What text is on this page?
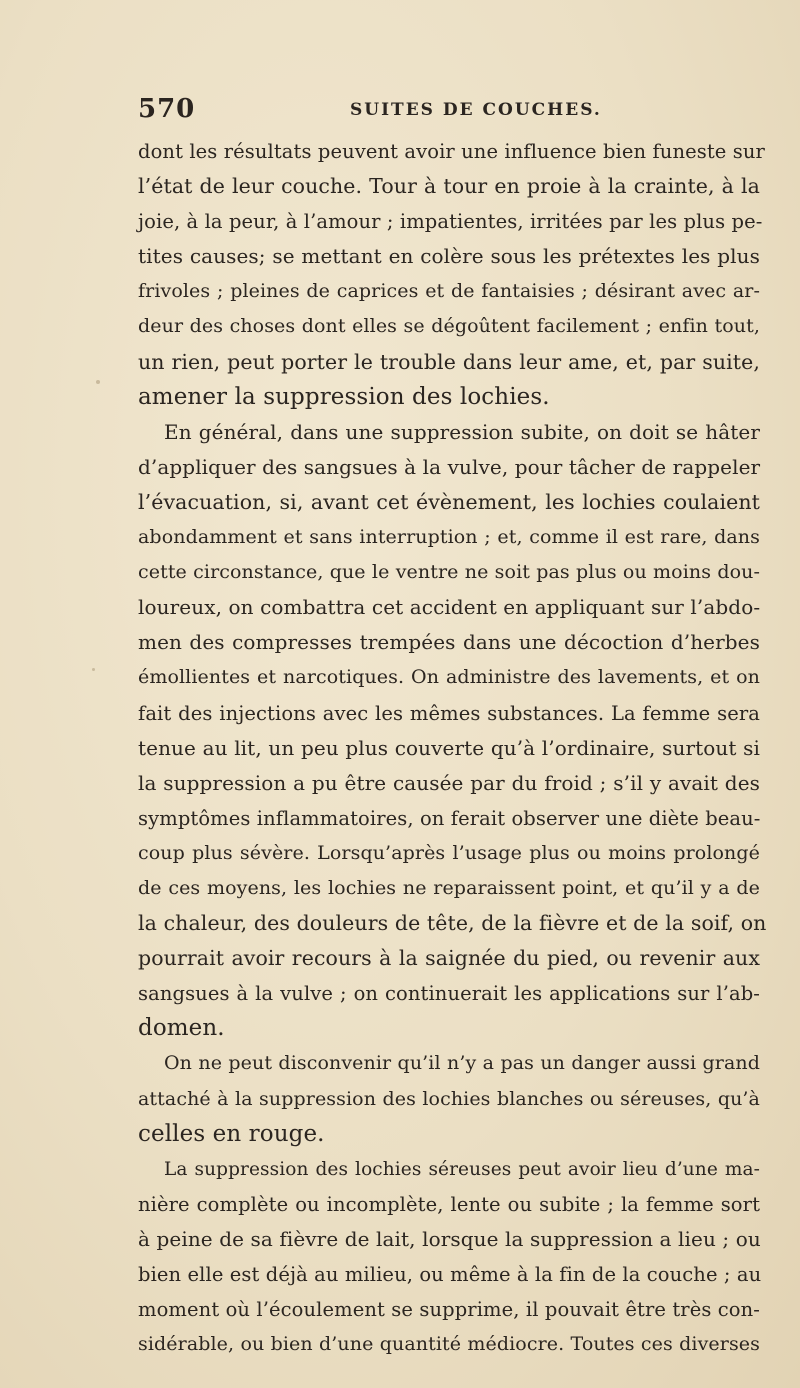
570	SUITES DE COUCHES.
dont les résultats peuvent avoir une influence bien funeste sur
l’état de leur couche. Tour à tour en proie à la crainte, à la
joie, à la peur, à l’amour ; impatientes, irritées par les plus pe-
tites causes; se mettant en colère sous les prétextes les plus
frivoles ; pleines de caprices et de fantaisies ; désirant avec ar-
deur des choses dont elles se dégoûtent facilement ; enfin tout,
un rien, peut porter le trouble dans leur ame, et, par suite,
amener la suppression des lochies.
En général, dans une suppression subite, on doit se hâter
d’appliquer des sangsues à la vulve, pour tâcher de rappeler
l’évacuation, si, avant cet évènement, les lochies coulaient
abondamment et sans interruption ; et, comme il est rare, dans
cette circonstance, que le ventre ne soit pas plus ou moins dou-
loureux, on combattra cet accident en appliquant sur l’abdo-
men des compresses trempées dans une décoction d’herbes
émollientes et narcotiques. On administre des lavements, et on
fait des injections avec les mêmes substances. La femme sera
tenue au lit, un peu plus couverte qu’à l’ordinaire, surtout si
la suppression a pu être causée par du froid ; s’il y avait des
symptômes inflammatoires, on ferait observer une diète beau-
coup plus sévère. Lorsqu’après l’usage plus ou moins prolongé
de ces moyens, les lochies ne reparaissent point, et qu’il y a de
la chaleur, des douleurs de tête, de la fièvre et de la soif, on
pourrait avoir recours à la saignée du pied, ou revenir aux
sangsues à la vulve ; on continuerait les applications sur l’ab-
domen.
On ne peut disconvenir qu’il n’y a pas un danger aussi grand
attaché à la suppression des lochies blanches ou séreuses, qu’à
celles en rouge.
La suppression des lochies séreuses peut avoir lieu d’une ma-
nière complète ou incomplète, lente ou subite ; la femme sort
à peine de sa fièvre de lait, lorsque la suppression a lieu ; ou
bien elle est déjà au milieu, ou même à la fin de la couche ; au
moment où l’écoulement se supprime, il pouvait être très con-
sidérable, ou bien d’une quantité médiocre. Toutes ces diverses
